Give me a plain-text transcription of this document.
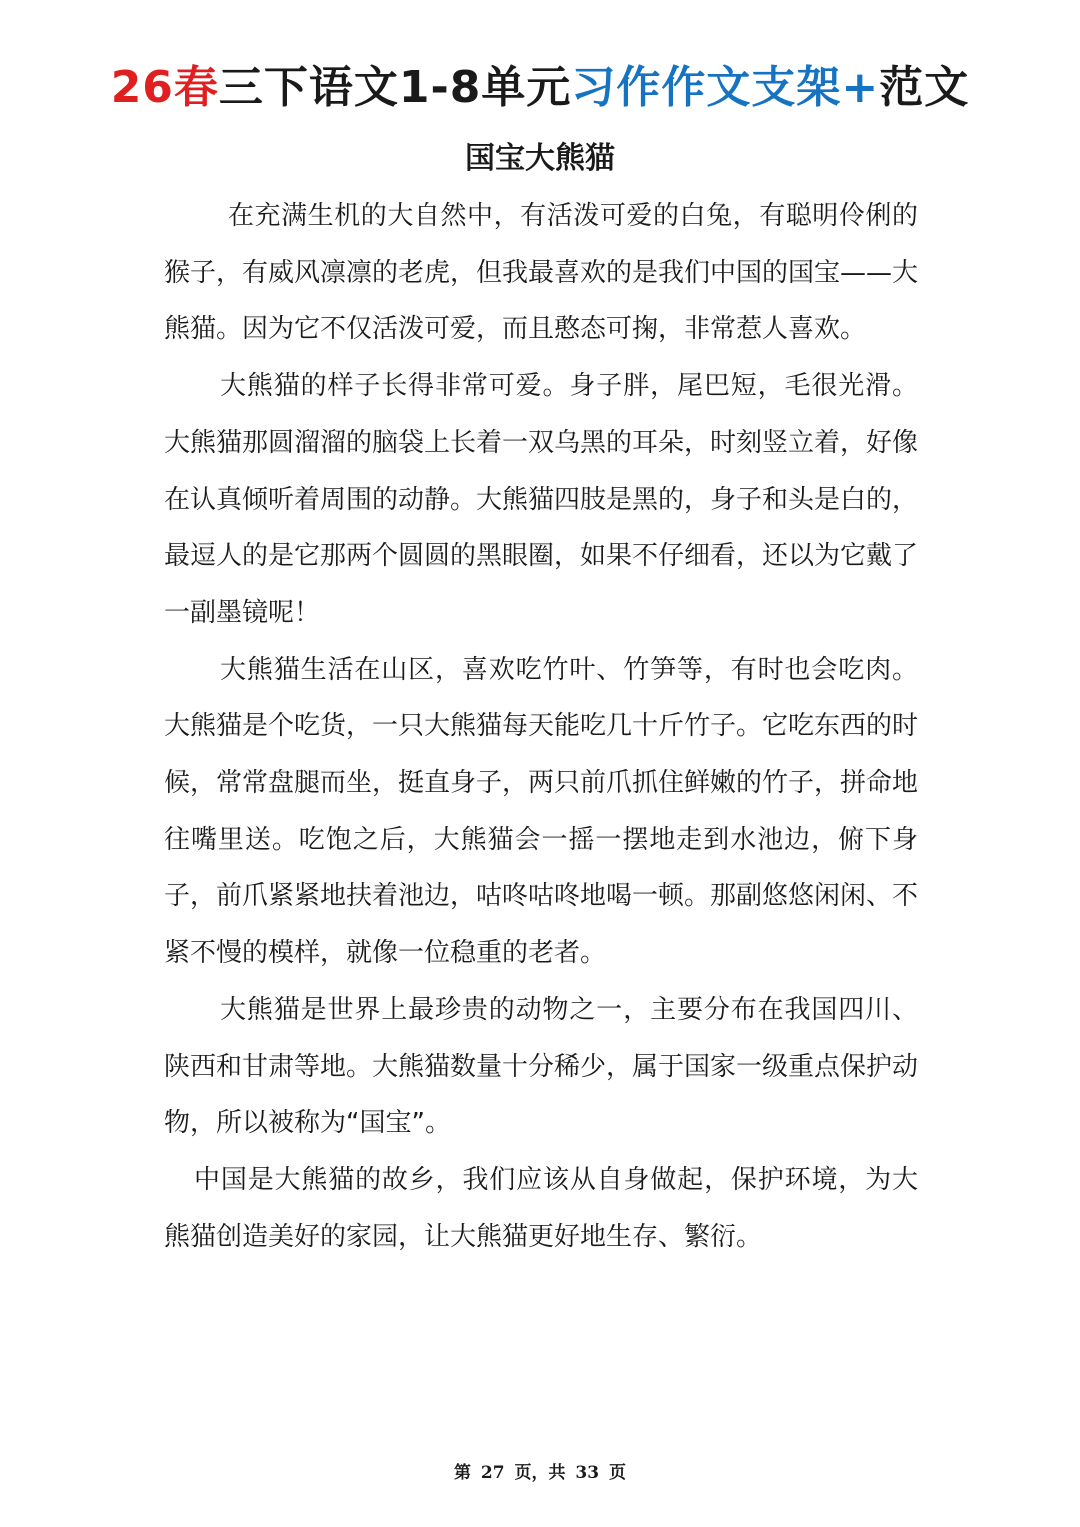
26春三下语文1-8单元习作作文支架+范文
国宝大熊猫

在充满生机的大自然中，有活泼可爱的白兔，有聪明伶俐的猴子，有威风凛凛的老虎，但我最喜欢的是我们中国的国宝——大熊猫。因为它不仅活泼可爱，而且憨态可掬，非常惹人喜欢。

大熊猫的样子长得非常可爱。身子胖，尾巴短，毛很光滑。大熊猫那圆溜溜的脑袋上长着一双乌黑的耳朵，时刻竖立着，好像在认真倾听着周围的动静。大熊猫四肢是黑的，身子和头是白的，最逗人的是它那两个圆圆的黑眼圈，如果不仔细看，还以为它戴了一副墨镜呢！

大熊猫生活在山区，喜欢吃竹叶、竹笋等，有时也会吃肉。大熊猫是个吃货，一只大熊猫每天能吃几十斤竹子。它吃东西的时候，常常盘腿而坐，挺直身子，两只前爪抓住鲜嫩的竹子，拼命地往嘴里送。吃饱之后，大熊猫会一摇一摆地走到水池边，俯下身子，前爪紧紧地扶着池边，咕咚咕咚地喝一顿。那副悠悠闲闲、不紧不慢的模样，就像一位稳重的老者。

大熊猫是世界上最珍贵的动物之一，主要分布在我国四川、陕西和甘肃等地。大熊猫数量十分稀少，属于国家一级重点保护动物，所以被称为“国宝”。

中国是大熊猫的故乡，我们应该从自身做起，保护环境，为大熊猫创造美好的家园，让大熊猫更好地生存、繁衍。

第 27 页，共 33 页
